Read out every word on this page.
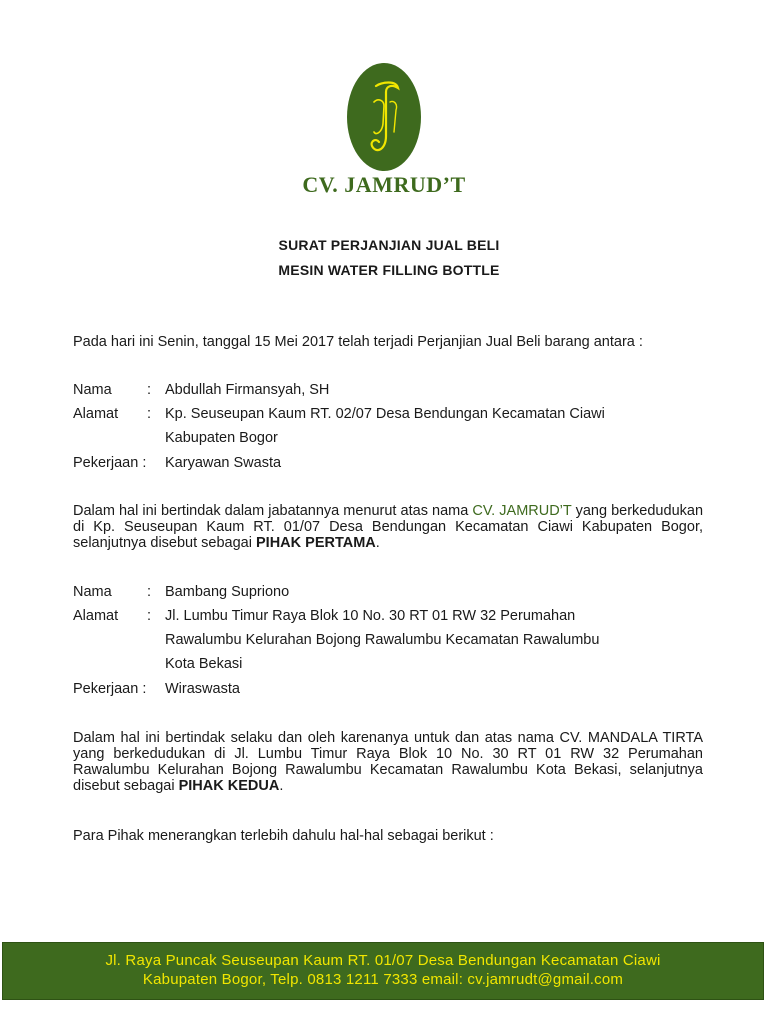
CV. JAMRUD’T
SURAT PERJANJIAN JUAL BELI
MESIN WATER FILLING BOTTLE
Pada hari ini Senin, tanggal 15 Mei 2017 telah terjadi Perjanjian Jual Beli barang antara :
Nama : Abdullah Firmansyah, SH
Alamat : Kp. Seuseupan Kaum RT. 02/07 Desa Bendungan Kecamatan Ciawi
Kabupaten Bogor
Pekerjaan : Karyawan Swasta
Dalam hal ini bertindak dalam jabatannya menurut atas nama CV. JAMRUD’T yang berkedudukan di Kp. Seuseupan Kaum RT. 01/07 Desa Bendungan Kecamatan Ciawi Kabupaten Bogor, selanjutnya disebut sebagai PIHAK PERTAMA.
Nama : Bambang Supriono
Alamat : Jl. Lumbu Timur Raya Blok 10 No. 30 RT 01 RW 32 Perumahan
Rawalumbu Kelurahan Bojong Rawalumbu Kecamatan Rawalumbu
Kota Bekasi
Pekerjaan : Wiraswasta
Dalam hal ini bertindak selaku dan oleh karenanya untuk dan atas nama CV. MANDALA TIRTA yang berkedudukan di Jl. Lumbu Timur Raya Blok 10 No. 30 RT 01 RW 32 Perumahan Rawalumbu Kelurahan Bojong Rawalumbu Kecamatan Rawalumbu Kota Bekasi, selanjutnya disebut sebagai PIHAK KEDUA.
Para Pihak menerangkan terlebih dahulu hal-hal sebagai berikut :
Jl. Raya Puncak Seuseupan Kaum RT. 01/07 Desa Bendungan Kecamatan Ciawi
Kabupaten Bogor, Telp. 0813 1211 7333 email: cv.jamrudt@gmail.com
